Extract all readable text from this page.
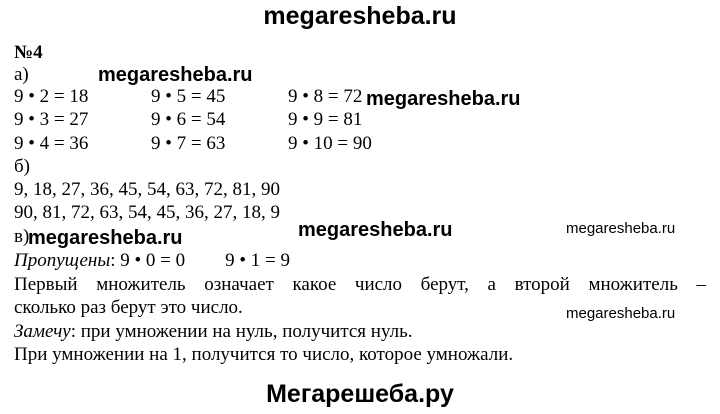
megaresheba.ru
№4
а)	megaresheba.ru
9 • 2 = 18	9 • 5 = 45	9 • 8 = 72 megaresheba.ru
9 • 3 = 27	9 • 6 = 54	9 • 9 = 81
9 • 4 = 36	9 • 7 = 63	9 • 10 = 90
б)
9, 18, 27, 36, 45, 54, 63, 72, 81, 90
90, 81, 72, 63, 54, 45, 36, 27, 18, 9
в)
megaresheba.ru	megaresheba.ru	megaresheba.ru
Пропущены: 9 • 0 = 0 9 • 1 = 9
Первый множитель означает какое число берут, а второй множитель –
сколько раз берут это число.	megaresheba.ru
Замечу: при умножении на нуль, получится нуль.
При умножении на 1, получится то число, которое умножали.
Мегарешеба.ру
